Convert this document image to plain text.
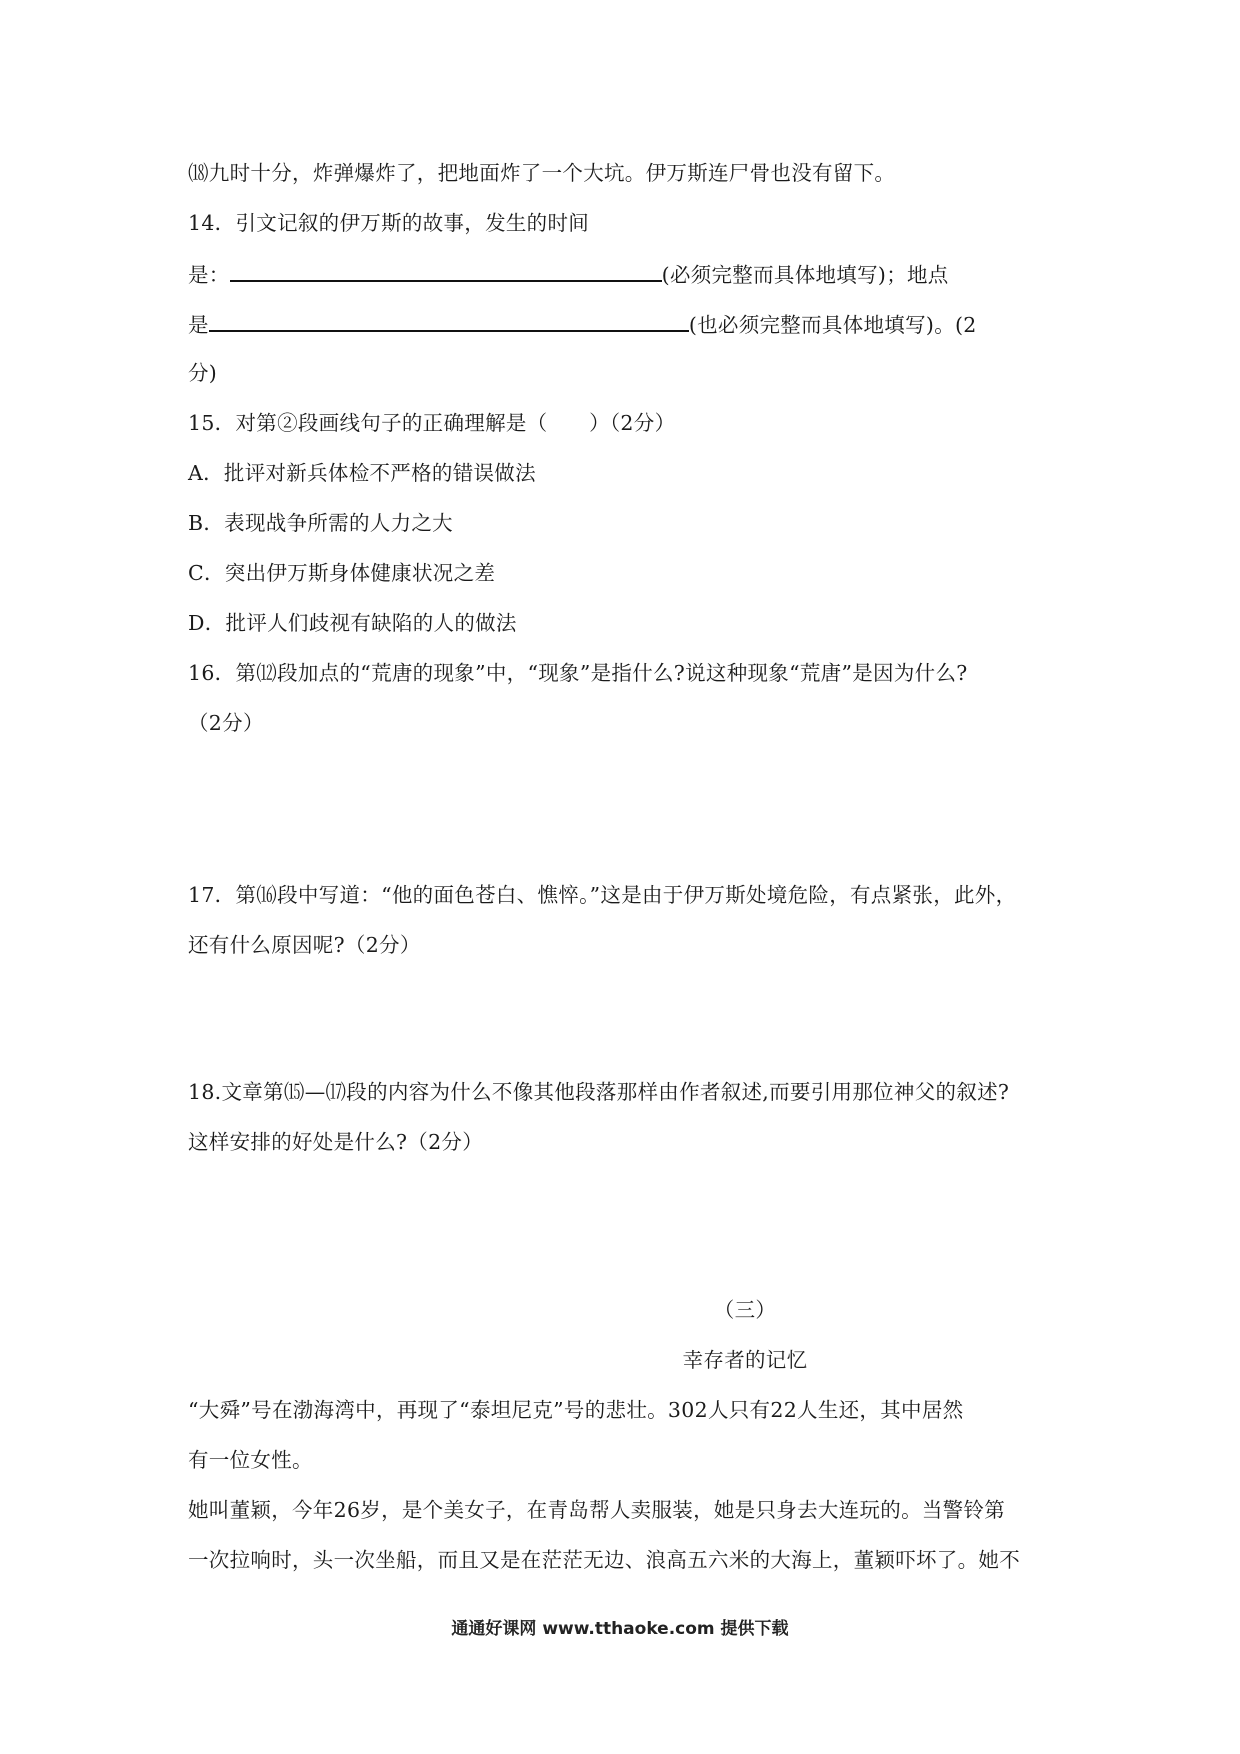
⒅九时十分，炸弹爆炸了，把地面炸了一个大坑。伊万斯连尸骨也没有留下。
14．引文记叙的伊万斯的故事，发生的时间
是：	(必须完整而具体地填写)；地点
是	(也必须完整而具体地填写)。(2
分)
15．对第②段画线句子的正确理解是（　　）（2分）
A．批评对新兵体检不严格的错误做法
B．表现战争所需的人力之大
C．突出伊万斯身体健康状况之差
D．批评人们歧视有缺陷的人的做法
16．第⑿段加点的“荒唐的现象”中，“现象”是指什么?说这种现象“荒唐”是因为什么?
（2分）
17．第⒃段中写道：“他的面色苍白、憔悴。”这是由于伊万斯处境危险，有点紧张，此外，
还有什么原因呢?（2分）
18.文章第⒂—⒄段的内容为什么不像其他段落那样由作者叙述,而要引用那位神父的叙述?
这样安排的好处是什么?（2分）
（三）
幸存者的记忆
“大舜”号在渤海湾中，再现了“泰坦尼克”号的悲壮。302人只有22人生还，其中居然
有一位女性。
她叫董颖，今年26岁，是个美女子，在青岛帮人卖服装，她是只身去大连玩的。当警铃第
一次拉响时，头一次坐船，而且又是在茫茫无边、浪高五六米的大海上，董颖吓坏了。她不
通通好课网 www.tthaoke.com 提供下载
